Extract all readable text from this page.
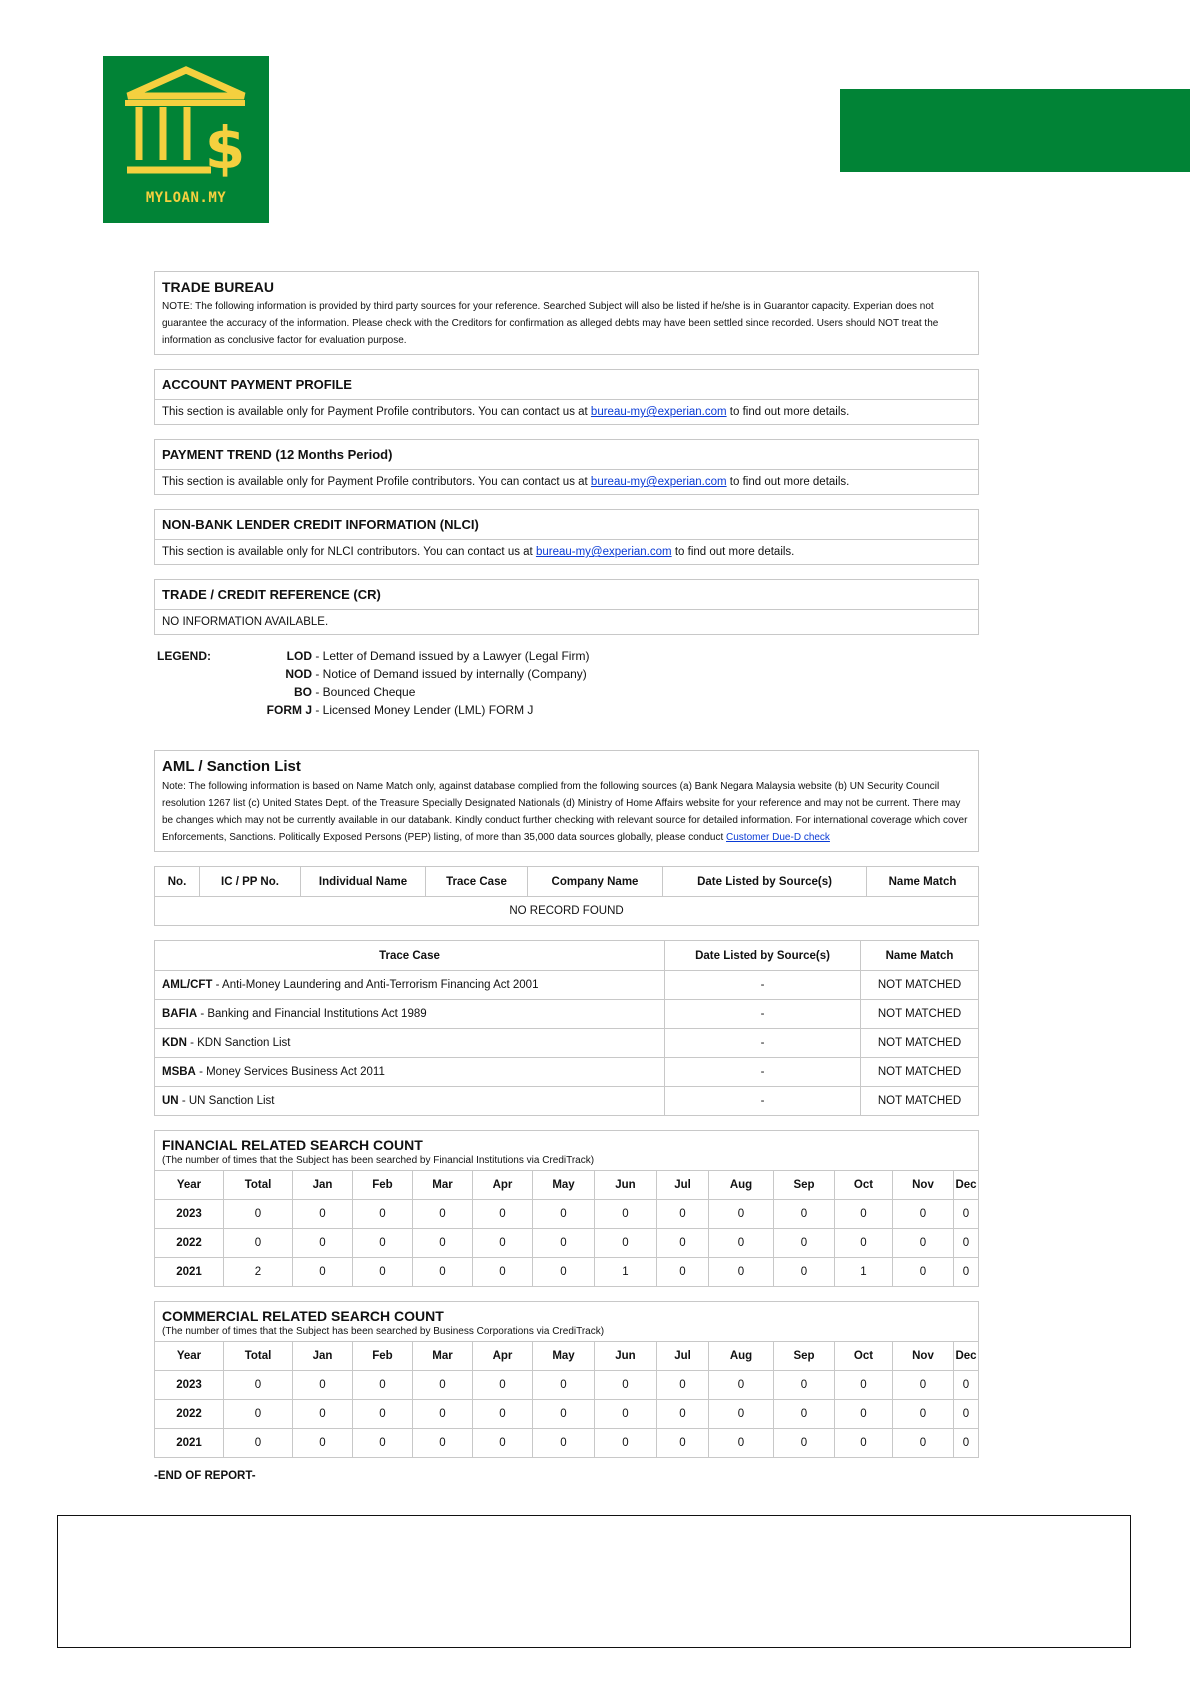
$
MYLOAN.MY
TRADE BUREAU
NOTE: The following information is provided by third party sources for your reference. Searched Subject will also be listed if he/she is in Guarantor capacity. Experian does not guarantee the accuracy of the information. Please check with the Creditors for confirmation as alleged debts may have been settled since recorded. Users should NOT treat the information as conclusive factor for evaluation purpose.
ACCOUNT PAYMENT PROFILE
This section is available only for Payment Profile contributors. You can contact us at bureau-my@experian.com to find out more details.
PAYMENT TREND (12 Months Period)
This section is available only for Payment Profile contributors. You can contact us at bureau-my@experian.com to find out more details.
NON-BANK LENDER CREDIT INFORMATION (NLCI)
This section is available only for NLCI contributors. You can contact us at bureau-my@experian.com to find out more details.
TRADE / CREDIT REFERENCE (CR)
NO INFORMATION AVAILABLE.
LEGEND:	LOD - Letter of Demand issued by a Lawyer (Legal Firm)
NOD - Notice of Demand issued by internally (Company)
BO - Bounced Cheque
FORM J - Licensed Money Lender (LML) FORM J
AML / Sanction List
Note: The following information is based on Name Match only, against database complied from the following sources (a) Bank Negara Malaysia website (b) UN Security Council resolution 1267 list (c) United States Dept. of the Treasure Specially Designated Nationals (d) Ministry of Home Affairs website for your reference and may not be current. There may be changes which may not be currently available in our databank. Kindly conduct further checking with relevant source for detailed information. For international coverage which cover Enforcements, Sanctions. Politically Exposed Persons (PEP) listing, of more than 35,000 data sources globally, please conduct Customer Due-D check
No.	IC / PP No.	Individual Name	Trace Case	Company Name	Date Listed by Source(s)	Name Match
NO RECORD FOUND
Trace Case	Date Listed by Source(s)	Name Match
AML/CFT - Anti-Money Laundering and Anti-Terrorism Financing Act 2001	-	NOT MATCHED
BAFIA - Banking and Financial Institutions Act 1989	-	NOT MATCHED
KDN - KDN Sanction List	-	NOT MATCHED
MSBA - Money Services Business Act 2011	-	NOT MATCHED
UN - UN Sanction List	-	NOT MATCHED
FINANCIAL RELATED SEARCH COUNT
(The number of times that the Subject has been searched by Financial Institutions via CrediTrack)
Year	Total	Jan	Feb	Mar	Apr	May	Jun	Jul	Aug	Sep	Oct	Nov	Dec
2023	0	0	0	0	0	0	0	0	0	0	0	0	0
2022	0	0	0	0	0	0	0	0	0	0	0	0	0
2021	2	0	0	0	0	0	1	0	0	0	1	0	0
COMMERCIAL RELATED SEARCH COUNT
(The number of times that the Subject has been searched by Business Corporations via CrediTrack)
Year	Total	Jan	Feb	Mar	Apr	May	Jun	Jul	Aug	Sep	Oct	Nov	Dec
2023	0	0	0	0	0	0	0	0	0	0	0	0	0
2022	0	0	0	0	0	0	0	0	0	0	0	0	0
2021	0	0	0	0	0	0	0	0	0	0	0	0	0
-END OF REPORT-
